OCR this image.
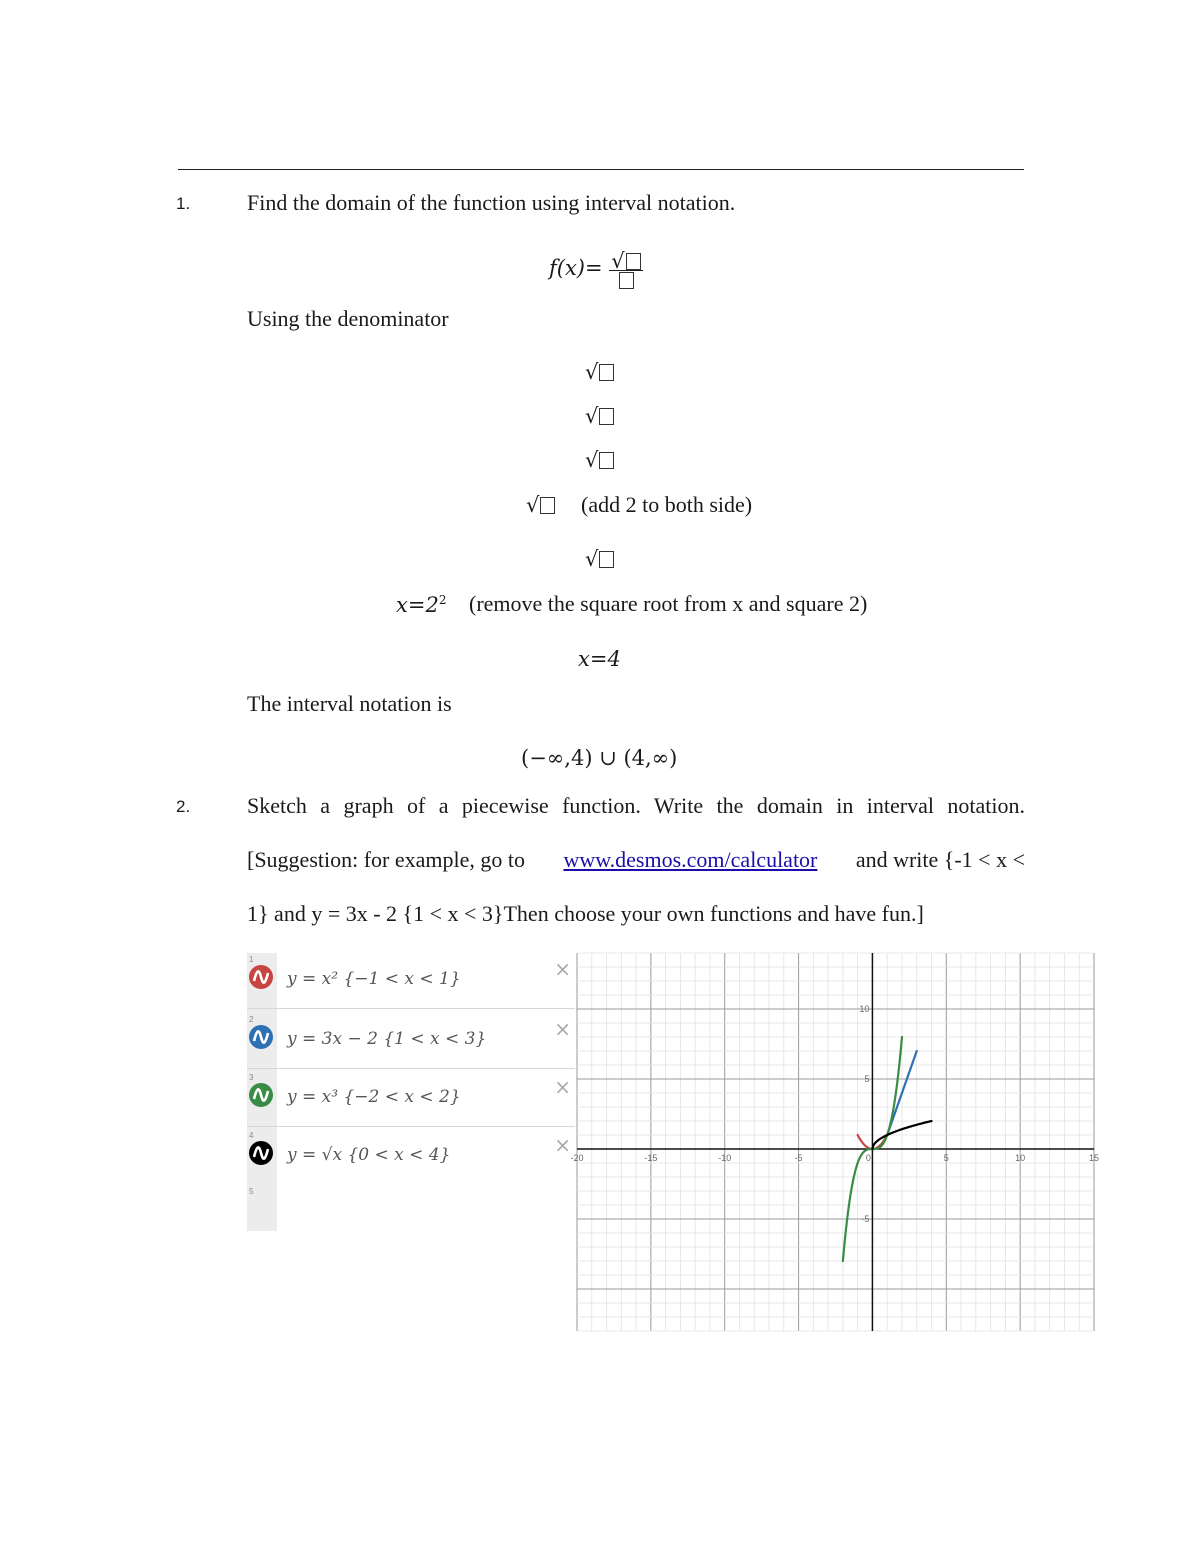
1.	Find the domain of the function using interval notation.
f(x)= √
Using the denominator
√
√
√
√	(add 2 to both side)
√
$x=2^2$ (remove the square root from x and square 2)
x=4
The interval notation is
(−∞,4) ∪ (4,∞)
2.	Sketch a graph of a piecewise function. Write the domain in interval notation.
[Suggestion: for example, go to www.desmos.com/calculator and write {-1 < x <
1} and y = 3x - 2 {1 < x < 3}Then choose your own functions and have fun.]
1
y = x² {−1 < x < 1}	×
2
y = 3x − 2 {1 < x < 3}	×
3
y = x³ {−2 < x < 2}	×
4
y = √x {0 < x < 4}	×
5
-20	-15	-10	-5	0	5	10	15
10
5
-5
